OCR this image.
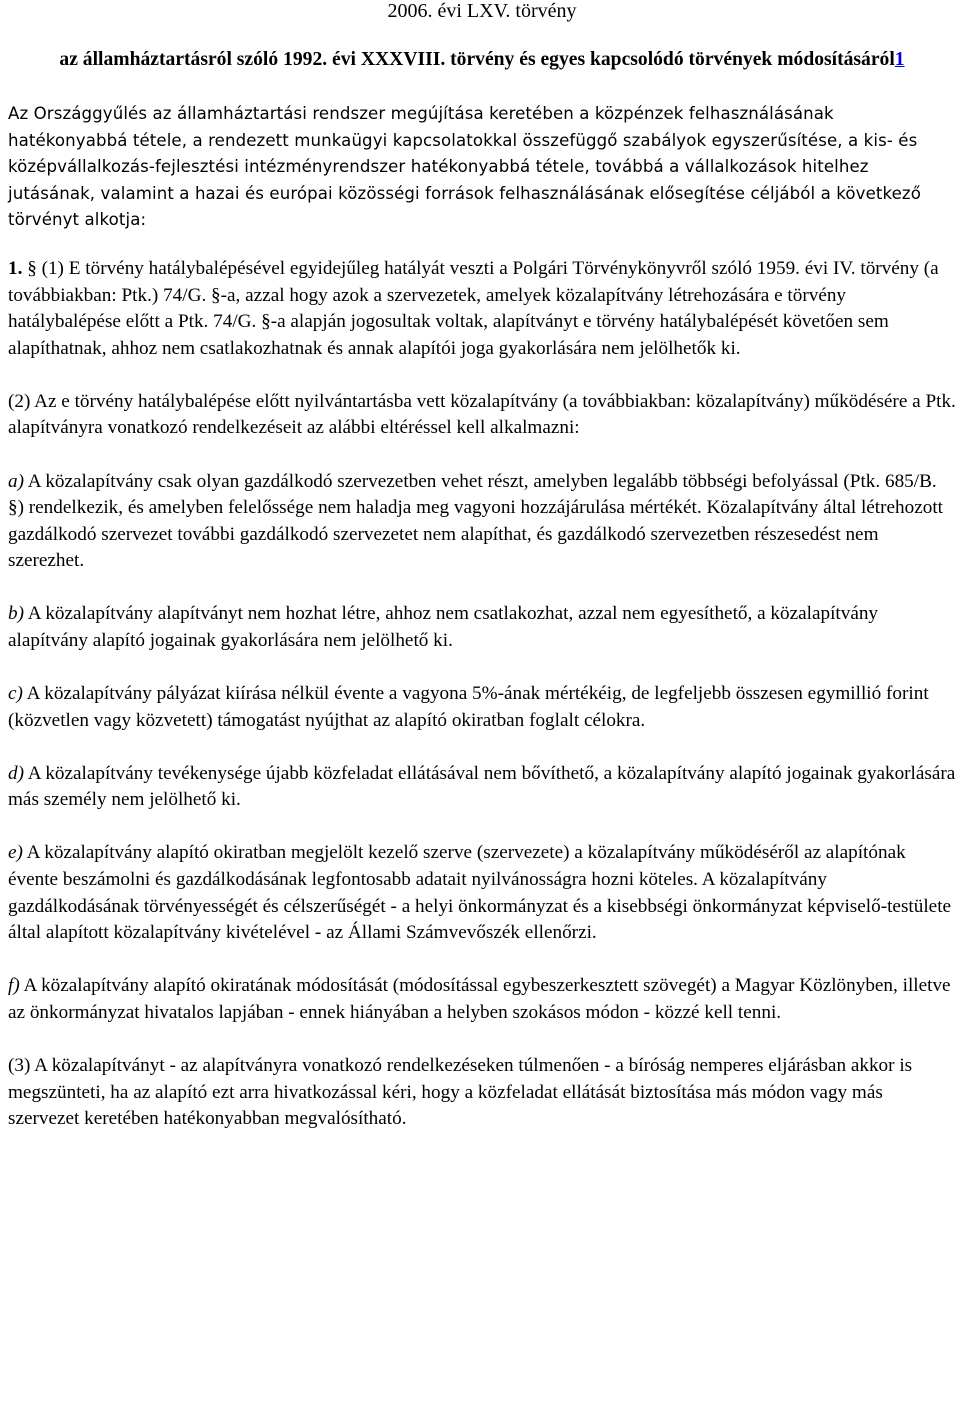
2006. évi LXV. törvény
az államháztartásról szóló 1992. évi XXXVIII. törvény és egyes kapcsolódó törvények módosításáról1

Az Országgyűlés az államháztartási rendszer megújítása keretében a közpénzek felhasználásának hatékonyabbá tétele, a rendezett munkaügyi kapcsolatokkal összefüggő szabályok egyszerűsítése, a kis- és középvállalkozás-fejlesztési intézményrendszer hatékonyabbá tétele, továbbá a vállalkozások hitelhez jutásának, valamint a hazai és európai közösségi források felhasználásának elősegítése céljából a következő törvényt alkotja:

1. § (1) E törvény hatálybalépésével egyidejűleg hatályát veszti a Polgári Törvénykönyvről szóló 1959. évi IV. törvény (a továbbiakban: Ptk.) 74/G. §-a, azzal hogy azok a szervezetek, amelyek közalapítvány létrehozására e törvény hatálybalépése előtt a Ptk. 74/G. §-a alapján jogosultak voltak, alapítványt e törvény hatálybalépését követően sem alapíthatnak, ahhoz nem csatlakozhatnak és annak alapítói joga gyakorlására nem jelölhetők ki.

(2) Az e törvény hatálybalépése előtt nyilvántartásba vett közalapítvány (a továbbiakban: közalapítvány) működésére a Ptk. alapítványra vonatkozó rendelkezéseit az alábbi eltéréssel kell alkalmazni:

a) A közalapítvány csak olyan gazdálkodó szervezetben vehet részt, amelyben legalább többségi befolyással (Ptk. 685/B. §) rendelkezik, és amelyben felelőssége nem haladja meg vagyoni hozzájárulása mértékét. Közalapítvány által létrehozott gazdálkodó szervezet további gazdálkodó szervezetet nem alapíthat, és gazdálkodó szervezetben részesedést nem szerezhet.

b) A közalapítvány alapítványt nem hozhat létre, ahhoz nem csatlakozhat, azzal nem egyesíthető, a közalapítvány alapítvány alapító jogainak gyakorlására nem jelölhető ki.

c) A közalapítvány pályázat kiírása nélkül évente a vagyona 5%-ának mértékéig, de legfeljebb összesen egymillió forint (közvetlen vagy közvetett) támogatást nyújthat az alapító okiratban foglalt célokra.

d) A közalapítvány tevékenysége újabb közfeladat ellátásával nem bővíthető, a közalapítvány alapító jogainak gyakorlására más személy nem jelölhető ki.

e) A közalapítvány alapító okiratban megjelölt kezelő szerve (szervezete) a közalapítvány működéséről az alapítónak évente beszámolni és gazdálkodásának legfontosabb adatait nyilvánosságra hozni köteles. A közalapítvány gazdálkodásának törvényességét és célszerűségét - a helyi önkormányzat és a kisebbségi önkormányzat képviselő-testülete által alapított közalapítvány kivételével - az Állami Számvevőszék ellenőrzi.

f) A közalapítvány alapító okiratának módosítását (módosítással egybeszerkesztett szövegét) a Magyar Közlönyben, illetve az önkormányzat hivatalos lapjában - ennek hiányában a helyben szokásos módon - közzé kell tenni.

(3) A közalapítványt - az alapítványra vonatkozó rendelkezéseken túlmenően - a bíróság nemperes eljárásban akkor is megszünteti, ha az alapító ezt arra hivatkozással kéri, hogy a közfeladat ellátását biztosítása más módon vagy más szervezet keretében hatékonyabban megvalósítható.
